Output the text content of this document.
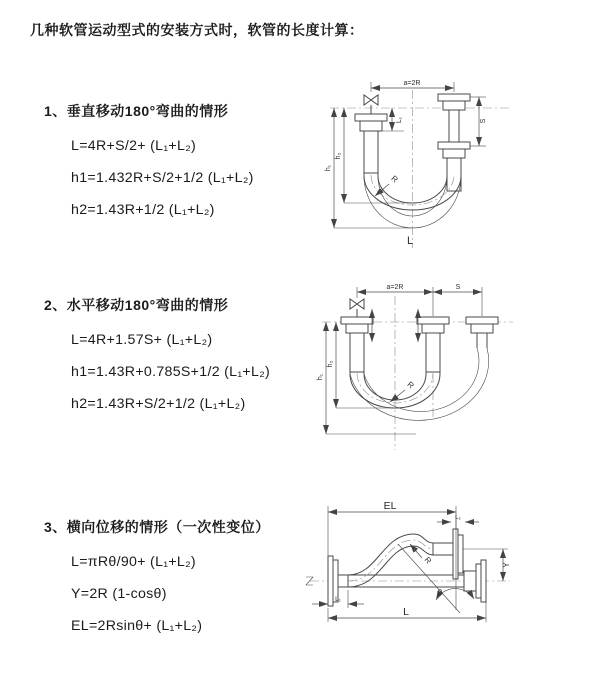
几种软管运动型式的安装方式时，软管的长度计算：
1、垂直移动180°弯曲的情形
L=4R+S/2+ (L₁+L₂)
h1=1.432R+S/2+1/2 (L₁+L₂)
h2=1.43R+1/2 (L₁+L₂)
2、水平移动180°弯曲的情形
L=4R+1.57S+ (L₁+L₂)
h1=1.43R+0.785S+1/2 (L₁+L₂)
h2=1.43R+S/2+1/2 (L₁+L₂)
3、横向位移的情形（一次性变位）
L=πRθ/90+ (L₁+L₂)
Y=2R (1-cosθ)
EL=2Rsinθ+ (L₁+L₂)
a=2R
L₁	S
h₁
h₂
R
L
a=2R	S
h₁
h₂
R
EL
L₁
θ
Y
L₁
L
R
